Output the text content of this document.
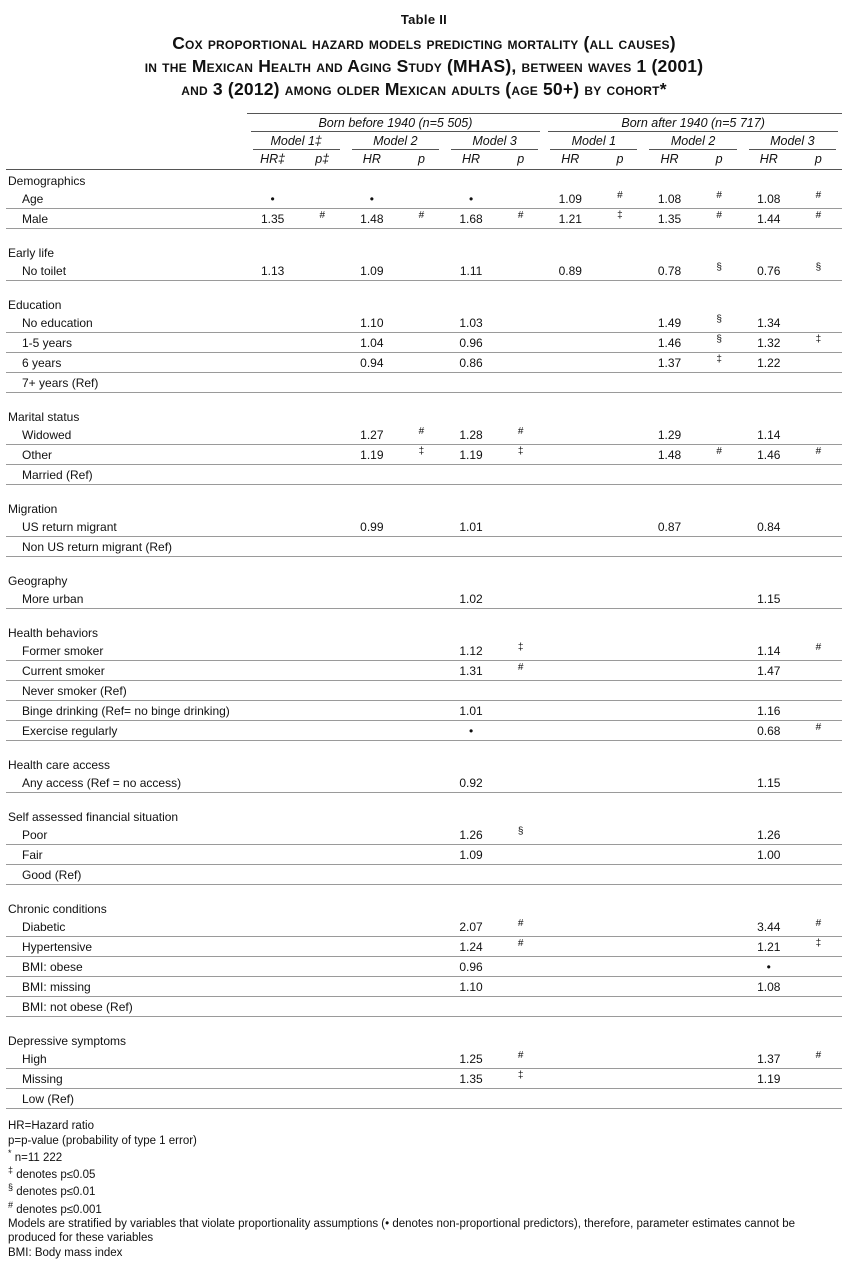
Table II
Cox proportional hazard models predicting mortality (all causes)
in the Mexican Health and Aging Study (MHAS), between waves 1 (2001)
and 3 (2012) among older Mexican adults (age 50+) by cohort*

	Born before 1940 (n=5 505)						Born after 1940 (n=5 717)					

	Model 1‡		Model 2		Model 3		Model 1		Model 2		Model 3	

	HR‡	p‡	HR	p	HR	p	HR	p	HR	p	HR	p
Demographics												
Age	•		•		•		1.09	#	1.08	#	1.08	#
Male	1.35	#	1.48	#	1.68	#	1.21	‡	1.35	#	1.44	#

Early life												
No toilet	1.13		1.09		1.11		0.89		0.78	§	0.76	§

Education												
No education			1.10		1.03				1.49	§	1.34	
1-5 years			1.04		0.96				1.46	§	1.32	‡
6 years			0.94		0.86				1.37	‡	1.22	
7+ years (Ref)												

Marital status												
Widowed			1.27	#	1.28	#			1.29		1.14	
Other			1.19	‡	1.19	‡			1.48	#	1.46	#
Married (Ref)												

Migration												
US return migrant			0.99		1.01				0.87		0.84	
Non US return migrant (Ref)												

Geography												
More urban					1.02						1.15	

Health behaviors												
Former smoker					1.12	‡					1.14	#
Current smoker					1.31	#					1.47	
Never smoker (Ref)												
Binge drinking (Ref= no binge drinking)					1.01						1.16	
Exercise regularly					•						0.68	#

Health care access												
Any access (Ref = no access)					0.92						1.15	

Self assessed financial situation												
Poor					1.26	§					1.26	
Fair					1.09						1.00	
Good (Ref)												

Chronic conditions												
Diabetic					2.07	#					3.44	#
Hypertensive					1.24	#					1.21	‡
BMI: obese					0.96						•	
BMI: missing					1.10						1.08	
BMI: not obese (Ref)												

Depressive symptoms												
High					1.25	#					1.37	#
Missing					1.35	‡					1.19	
Low (Ref)												
HR=Hazard ratio
p=p-value (probability of type 1 error)
* n=11 222
‡ denotes p≤0.05
§ denotes p≤0.01
# denotes p≤0.001
Models are stratified by variables that violate proportionality assumptions (• denotes non-proportional predictors), therefore, parameter estimates cannot be produced for these variables
BMI: Body mass index
